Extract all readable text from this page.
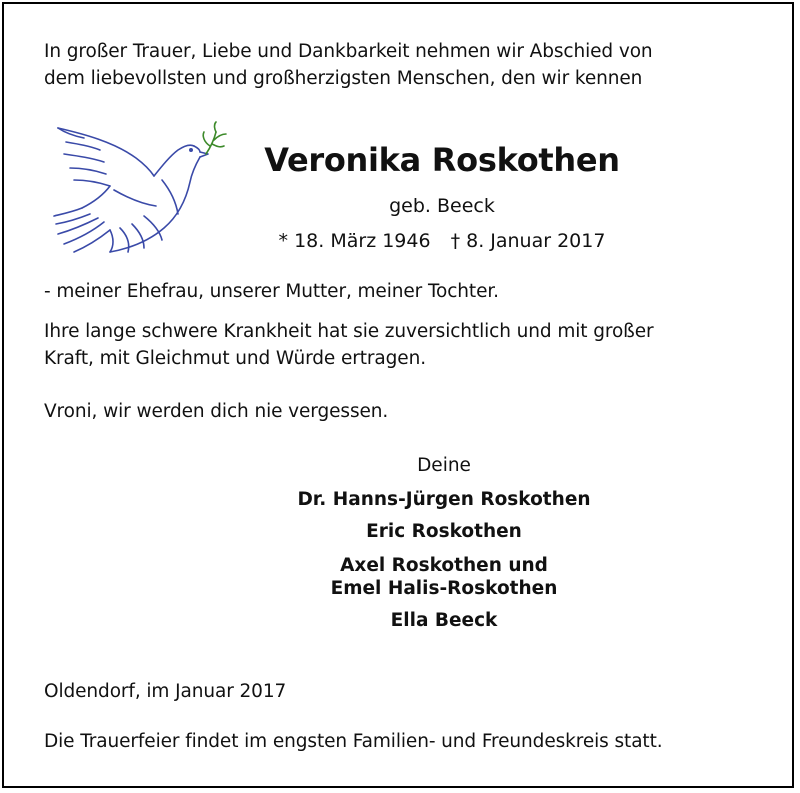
In großer Trauer, Liebe und Dankbarkeit nehmen wir Abschied von
dem liebevollsten und großherzigsten Menschen, den wir kennen

Veronika Roskothen
geb. Beeck
* 18. März 1946 † 8. Januar 2017

- meiner Ehefrau, unserer Mutter, meiner Tochter.

Ihre lange schwere Krankheit hat sie zuversichtlich und mit großer
Kraft, mit Gleichmut und Würde ertragen.

Vroni, wir werden dich nie vergessen.

Deine
Dr. Hanns-Jürgen Roskothen
Eric Roskothen
Axel Roskothen und
Emel Halis-Roskothen
Ella Beeck

Oldendorf, im Januar 2017

Die Trauerfeier findet im engsten Familien- und Freundeskreis statt.
